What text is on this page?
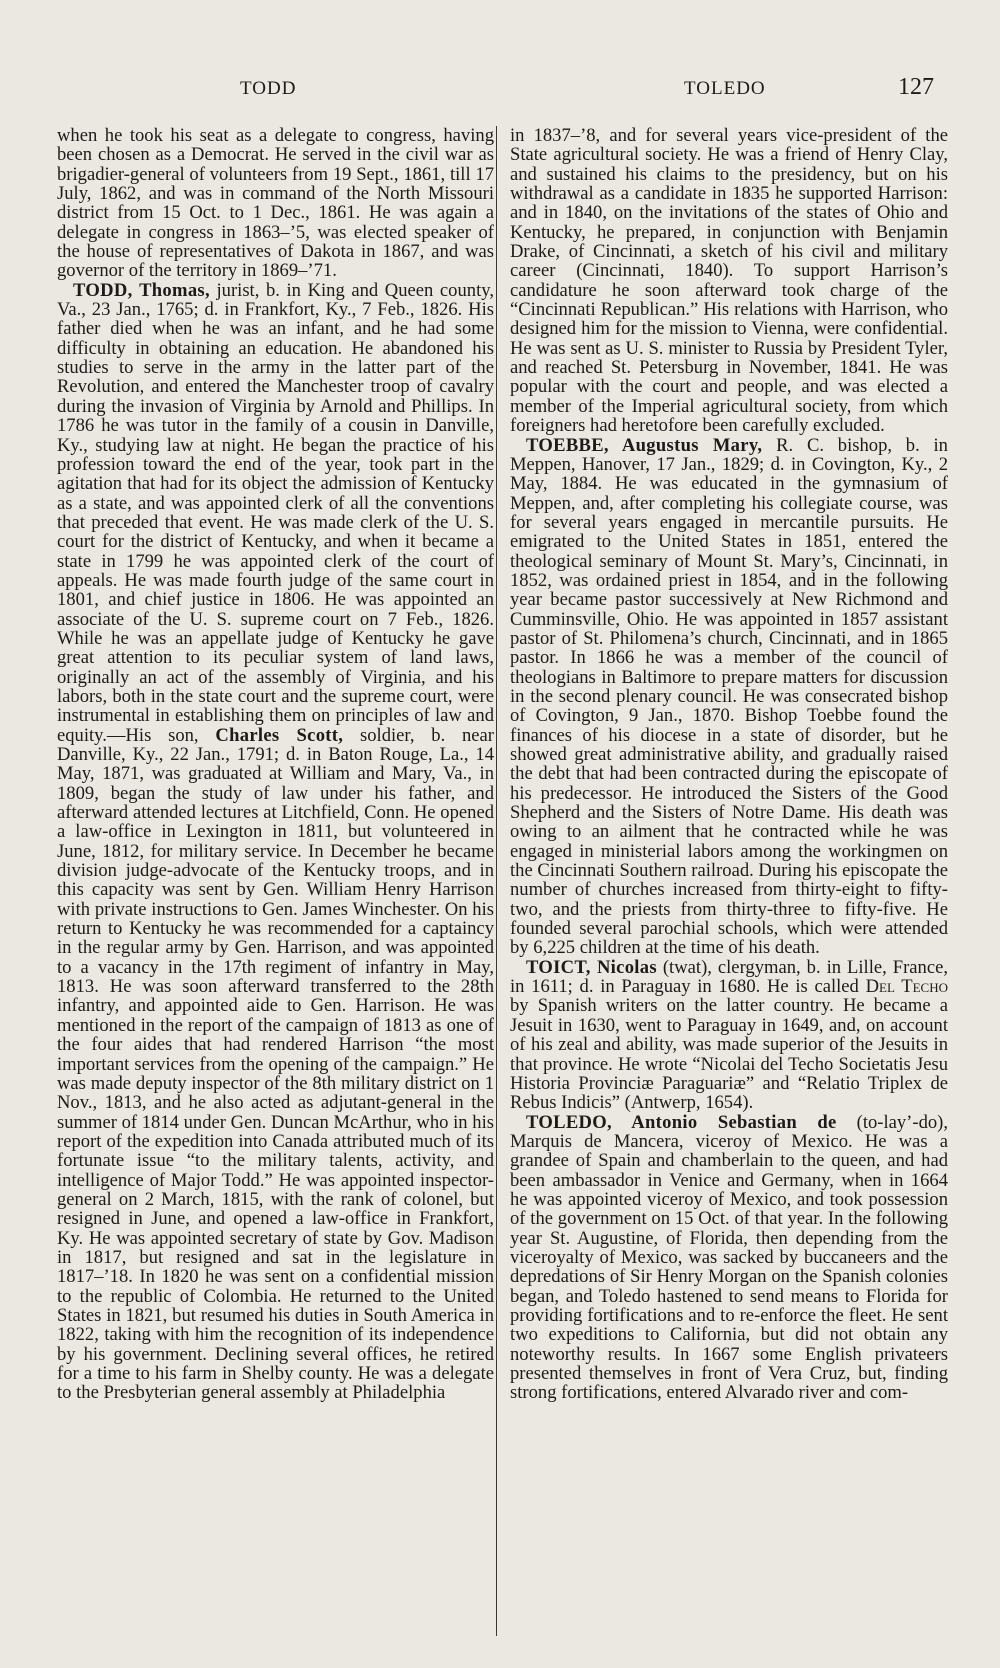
TODD	TOLEDO	127

when he took his seat as a delegate to congress, having been chosen as a Democrat. He served in the civil war as brigadier-general of volunteers from 19 Sept., 1861, till 17 July, 1862, and was in command of the North Missouri district from 15 Oct. to 1 Dec., 1861. He was again a delegate in congress in 1863–’5, was elected speaker of the house of representatives of Dakota in 1867, and was governor of the territory in 1869–’71.

TODD, Thomas, jurist, b. in King and Queen county, Va., 23 Jan., 1765; d. in Frankfort, Ky., 7 Feb., 1826. His father died when he was an infant, and he had some difficulty in obtaining an education. He abandoned his studies to serve in the army in the latter part of the Revolution, and entered the Manchester troop of cavalry during the invasion of Virginia by Arnold and Phillips. In 1786 he was tutor in the family of a cousin in Danville, Ky., studying law at night. He began the practice of his profession toward the end of the year, took part in the agitation that had for its object the admission of Kentucky as a state, and was appointed clerk of all the conventions that preceded that event. He was made clerk of the U. S. court for the district of Kentucky, and when it became a state in 1799 he was appointed clerk of the court of appeals. He was made fourth judge of the same court in 1801, and chief justice in 1806. He was appointed an associate of the U. S. supreme court on 7 Feb., 1826. While he was an appellate judge of Kentucky he gave great attention to its peculiar system of land laws, originally an act of the assembly of Virginia, and his labors, both in the state court and the supreme court, were instrumental in establishing them on principles of law and equity.—His son, Charles Scott, soldier, b. near Danville, Ky., 22 Jan., 1791; d. in Baton Rouge, La., 14 May, 1871, was graduated at William and Mary, Va., in 1809, began the study of law under his father, and afterward attended lectures at Litchfield, Conn. He opened a law-office in Lexington in 1811, but volunteered in June, 1812, for military service. In December he became division judge-advocate of the Kentucky troops, and in this capacity was sent by Gen. William Henry Harrison with private instructions to Gen. James Winchester. On his return to Kentucky he was recommended for a captaincy in the regular army by Gen. Harrison, and was appointed to a vacancy in the 17th regiment of infantry in May, 1813. He was soon afterward transferred to the 28th infantry, and appointed aide to Gen. Harrison. He was mentioned in the report of the campaign of 1813 as one of the four aides that had rendered Harrison “the most important services from the opening of the campaign.” He was made deputy inspector of the 8th military district on 1 Nov., 1813, and he also acted as adjutant-general in the summer of 1814 under Gen. Duncan McArthur, who in his report of the expedition into Canada attributed much of its fortunate issue “to the military talents, activity, and intelligence of Major Todd.” He was appointed inspector-general on 2 March, 1815, with the rank of colonel, but resigned in June, and opened a law-office in Frankfort, Ky. He was appointed secretary of state by Gov. Madison in 1817, but resigned and sat in the legislature in 1817–’18. In 1820 he was sent on a confidential mission to the republic of Colombia. He returned to the United States in 1821, but resumed his duties in South America in 1822, taking with him the recognition of its independence by his government. Declining several offices, he retired for a time to his farm in Shelby county. He was a delegate to the Presbyterian general assembly at Philadelphia

in 1837–’8, and for several years vice-president of the State agricultural society. He was a friend of Henry Clay, and sustained his claims to the presidency, but on his withdrawal as a candidate in 1835 he supported Harrison: and in 1840, on the invitations of the states of Ohio and Kentucky, he prepared, in conjunction with Benjamin Drake, of Cincinnati, a sketch of his civil and military career (Cincinnati, 1840). To support Harrison’s candidature he soon afterward took charge of the “Cincinnati Republican.” His relations with Harrison, who designed him for the mission to Vienna, were confidential. He was sent as U. S. minister to Russia by President Tyler, and reached St. Petersburg in November, 1841. He was popular with the court and people, and was elected a member of the Imperial agricultural society, from which foreigners had heretofore been carefully excluded.

TOEBBE, Augustus Mary, R. C. bishop, b. in Meppen, Hanover, 17 Jan., 1829; d. in Covington, Ky., 2 May, 1884. He was educated in the gymnasium of Meppen, and, after completing his collegiate course, was for several years engaged in mercantile pursuits. He emigrated to the United States in 1851, entered the theological seminary of Mount St. Mary’s, Cincinnati, in 1852, was ordained priest in 1854, and in the following year became pastor successively at New Richmond and Cumminsville, Ohio. He was appointed in 1857 assistant pastor of St. Philomena’s church, Cincinnati, and in 1865 pastor. In 1866 he was a member of the council of theologians in Baltimore to prepare matters for discussion in the second plenary council. He was consecrated bishop of Covington, 9 Jan., 1870. Bishop Toebbe found the finances of his diocese in a state of disorder, but he showed great administrative ability, and gradually raised the debt that had been contracted during the episcopate of his predecessor. He introduced the Sisters of the Good Shepherd and the Sisters of Notre Dame. His death was owing to an ailment that he contracted while he was engaged in ministerial labors among the workingmen on the Cincinnati Southern railroad. During his episcopate the number of churches increased from thirty-eight to fifty-two, and the priests from thirty-three to fifty-five. He founded several parochial schools, which were attended by 6,225 children at the time of his death.

TOICT, Nicolas (twat), clergyman, b. in Lille, France, in 1611; d. in Paraguay in 1680. He is called Del Techo by Spanish writers on the latter country. He became a Jesuit in 1630, went to Paraguay in 1649, and, on account of his zeal and ability, was made superior of the Jesuits in that province. He wrote “Nicolai del Techo Societatis Jesu Historia Provinciæ Paraguariæ” and “Relatio Triplex de Rebus Indicis” (Antwerp, 1654).

TOLEDO, Antonio Sebastian de (to-lay’-do), Marquis de Mancera, viceroy of Mexico. He was a grandee of Spain and chamberlain to the queen, and had been ambassador in Venice and Germany, when in 1664 he was appointed viceroy of Mexico, and took possession of the government on 15 Oct. of that year. In the following year St. Augustine, of Florida, then depending from the viceroyalty of Mexico, was sacked by buccaneers and the depredations of Sir Henry Morgan on the Spanish colonies began, and Toledo hastened to send means to Florida for providing fortifications and to re-enforce the fleet. He sent two expeditions to California, but did not obtain any noteworthy results. In 1667 some English privateers presented themselves in front of Vera Cruz, but, finding strong fortifications, entered Alvarado river and com-
